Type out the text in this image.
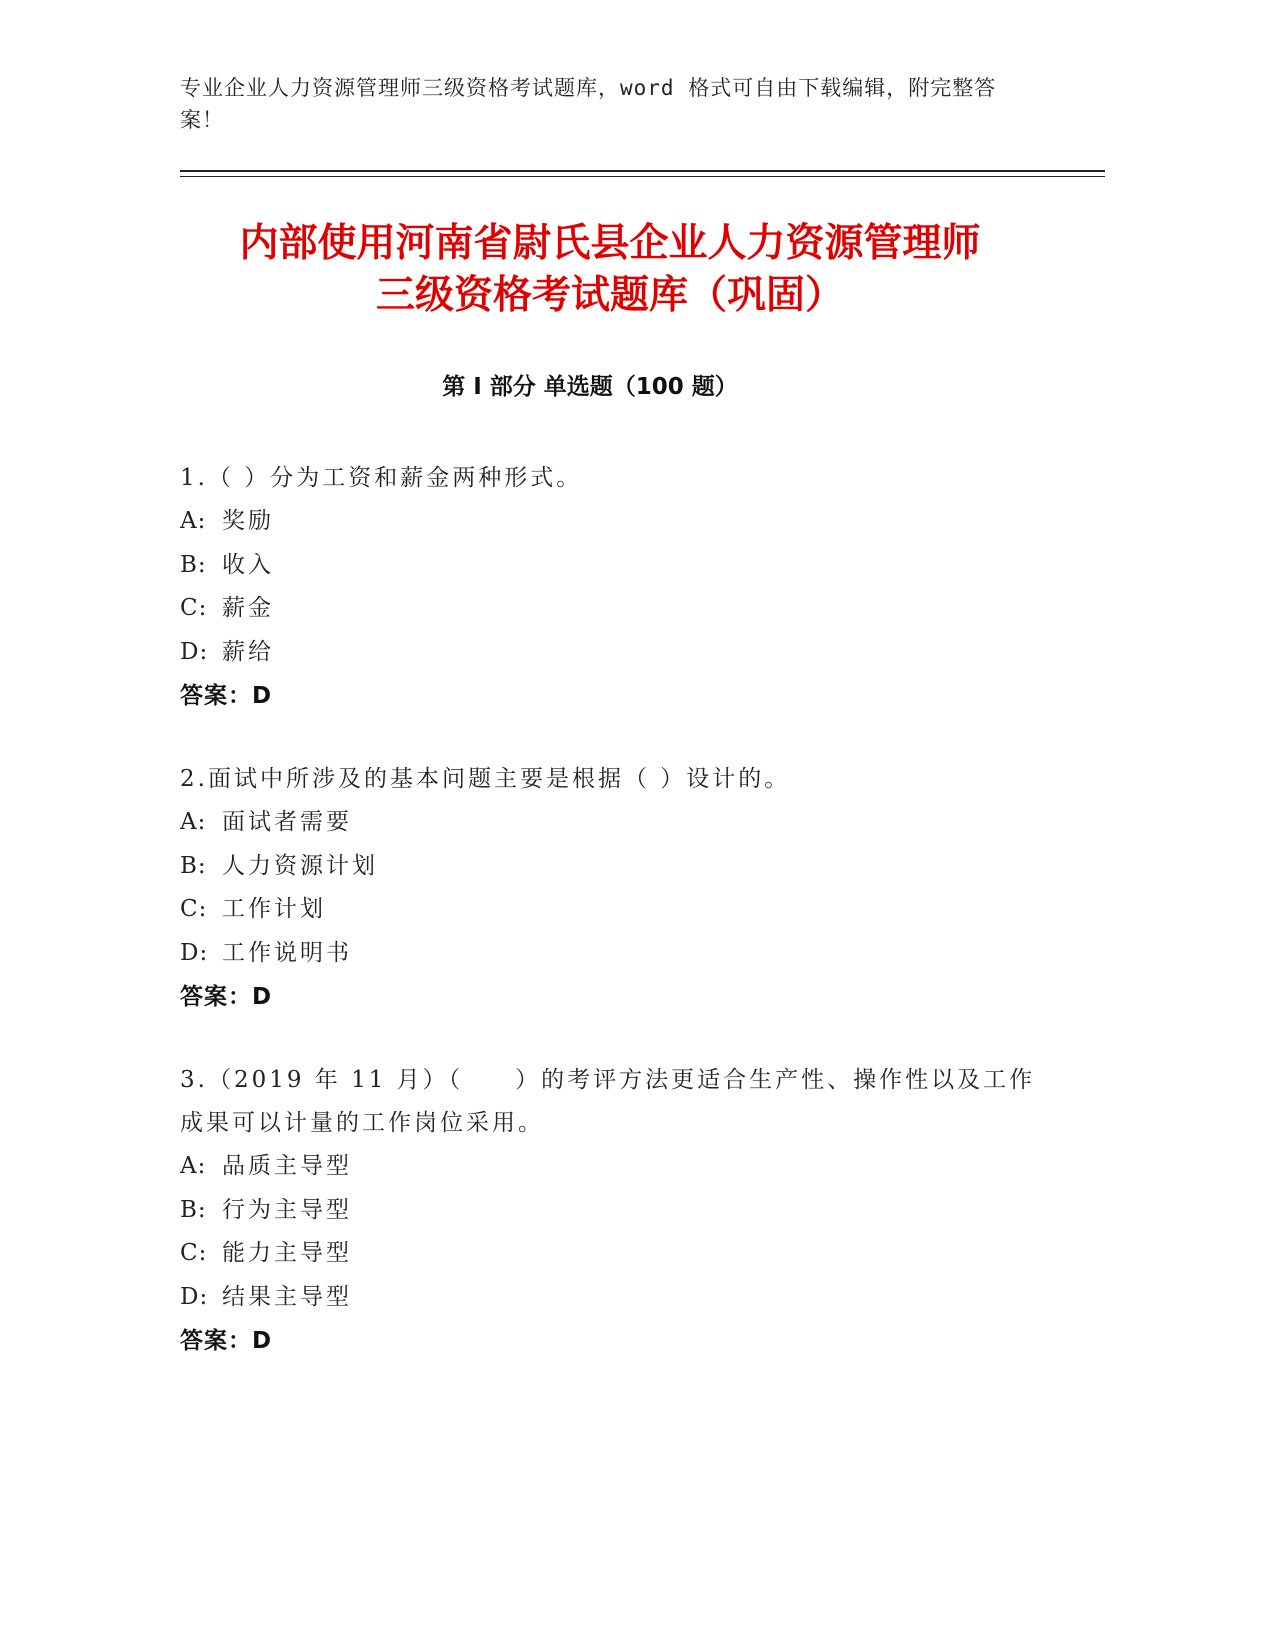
专业企业人力资源管理师三级资格考试题库，word 格式可自由下载编辑，附完整答案！
内部使用河南省尉氏县企业人力资源管理师
三级资格考试题库（巩固）
第 I 部分 单选题（100 题）
1.（ ）分为工资和薪金两种形式。
A: 奖励
B: 收入
C: 薪金
D: 薪给
答案：D
2.面试中所涉及的基本问题主要是根据（ ）设计的。
A: 面试者需要
B: 人力资源计划
C: 工作计划
D: 工作说明书
答案：D
3.（2019 年 11 月）（　　）的考评方法更适合生产性、操作性以及工作成果可以计量的工作岗位采用。
A: 品质主导型
B: 行为主导型
C: 能力主导型
D: 结果主导型
答案：D
